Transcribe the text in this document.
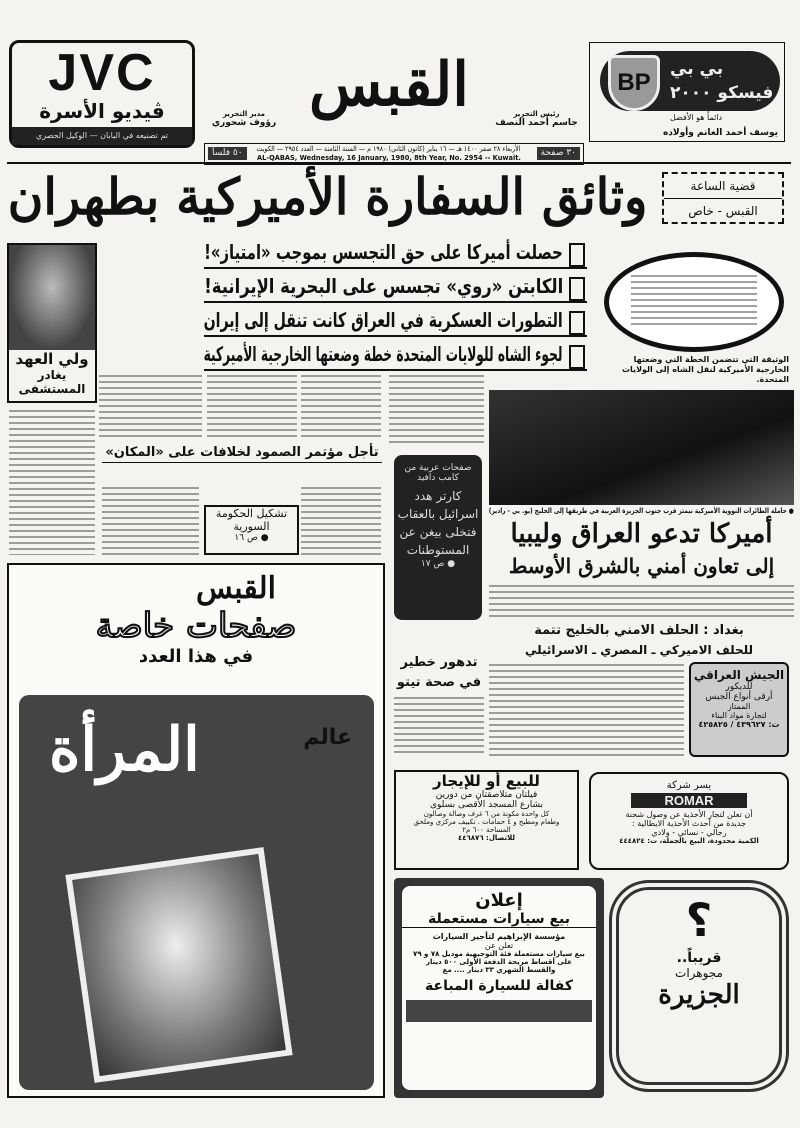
JVC
ڤيديو الأسرة
تم تصنيعه في اليابان — الوكيل الحصري
مدير التحرير
رؤوف شحوري
القبس	رئيس التحرير
جاسم أحمد النصف
٣٠ صفحة
الأربعاء ٢٨ صفر ١٤٠٠ هـ — ١٦ يناير (كانون الثاني) ١٩٨٠ م — السنة الثامنة — العدد ٢٩٥٤ — الكويت
AL-QABAS, Wednesday, 16 January, 1980, 8th Year, No. 2954 -- Kuwait.
٥٠ فلساً
بي بي فيسكو ٢٠٠٠
BP
دائماً هو الأفضل
يوسف أحمد الغانم وأولاده
قضية الساعة
القبس - خاص
وثائق السفارة الأميركية بطهران
ولي العهد
يغادر المستشفى
حصلت أميركا على حق التجسس بموجب «امتياز»!
الكابتن «روي» تجسس على البحرية الإيرانية!
التطورات العسكرية في العراق كانت تنقل إلى إيران
لجوء الشاه للولايات المتحدة خطة وضعتها الخارجية الأميركية	الوثيقة التي تتضمن الخطة التي وضعتها الخارجية الأميركية لنقل الشاه إلى الولايات المتحدة.
تأجل مؤتمر الصمود لخلافات على «المكان»
تشكيل الحكومة السورية
● ص ١٦
صفحات عربية من كامب دافيد
كارتر هدد اسرائيل بالعقاب فتخلى بيغن عن المستوطنات
● ص ١٧
● حاملة الطائرات النووية الأميركية نيمتز قرب جنوب الجزيرة العربية في طريقها إلى الخليج (يو. بي - رادير)
أميركا تدعو العراق وليبيا
إلى تعاون أمني بالشرق الأوسط
بغداد : الحلف الامني بالخليج تتمة
للحلف الاميركي ـ المصري ـ الاسرائيلي
تدهور خطير
في صحة تيتو	الجيش العراقي
للديكور
أرقى أنواع الجبس
الممتاز
لتجارة مواد البناء
ت: ٤٣٩٦٢٧ / ٤٢٥٨٢٥
القبس
صفحات خاصة
في هذا العدد
عالم
المرأة	للبيع أو للإيجار
فيلتان متلاصقتان من دورين
بشارع المسجد الأقصى بسلوى
كل واحدة مكونة من ٦ غرف وصالة وصالون
وطعام ومطبخ و ٤ حمامات . تكييف مركزي وملحق
المساحة ٦٠٠ م٢
للاتصال: ٤٤٦٨٧٦
يسر شركة
ROMAR
أن تعلن لتجار الأحذية عن وصول شحنة
جديدة من أحدث الأحذية الايطالية :
رجالي - نسائي - ولادي
الكمية محدودة، البيع بالجملة، ت: ٤٤٤٨٢٤
إعلان
بيع سيارات مستعملة
مؤسسة الإبراهيم لتأجير السيارات
تعلن عن
بيع سيارات مستعملة فئة التوجيهية موديل ٧٨ و ٧٩
على أقساط مريحة الدفعة الأولى ٥٠٠ دينار
والقسط الشهري ٣٣ دينار .... مع
كفالة للسيارة المباعة
؟
قريباً..
مجوهرات
الجزيرة
